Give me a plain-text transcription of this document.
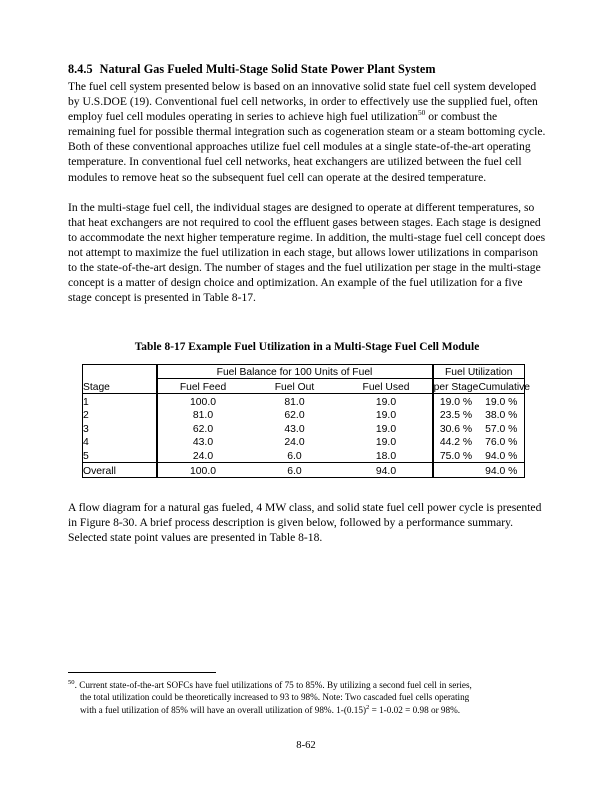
8.4.5 Natural Gas Fueled Multi-Stage Solid State Power Plant System

The fuel cell system presented below is based on an innovative solid state fuel cell system developed by U.S.DOE (19). Conventional fuel cell networks, in order to effectively use the supplied fuel, often employ fuel cell modules operating in series to achieve high fuel utilization$^{50}$ or combust the remaining fuel for possible thermal integration such as cogeneration steam or a steam bottoming cycle. Both of these conventional approaches utilize fuel cell modules at a single state-of-the-art operating temperature. In conventional fuel cell networks, heat exchangers are utilized between the fuel cell modules to remove heat so the subsequent fuel cell can operate at the desired temperature.

In the multi-stage fuel cell, the individual stages are designed to operate at different temperatures, so that heat exchangers are not required to cool the effluent gases between stages. Each stage is designed to accommodate the next higher temperature regime. In addition, the multi-stage fuel cell concept does not attempt to maximize the fuel utilization in each stage, but allows lower utilizations in comparison to the state-of-the-art design. The number of stages and the fuel utilization per stage in the multi-stage concept is a matter of design choice and optimization. An example of the fuel utilization for a five stage concept is presented in Table 8-17.

Table 8-17 Example Fuel Utilization in a Multi-Stage Fuel Cell Module

	Fuel Balance for 100 Units of Fuel			Fuel Utilization	
Stage	Fuel Feed	Fuel Out	Fuel Used	per Stage	Cumulative
1	100.0	81.0	19.0	19.0 %	19.0 %
2	81.0	62.0	19.0	23.5 %	38.0 %
3	62.0	43.0	19.0	30.6 %	57.0 %
4	43.0	24.0	19.0	44.2 %	76.0 %
5	24.0	6.0	18.0	75.0 %	94.0 %
Overall	100.0	6.0	94.0		94.0 %

A flow diagram for a natural gas fueled, 4 MW class, and solid state fuel cell power cycle is presented in Figure 8-30. A brief process description is given below, followed by a performance summary. Selected state point values are presented in Table 8-18.

$^{50}$. Current state-of-the-art SOFCs have fuel utilizations of 75 to 85%. By utilizing a second fuel cell in series,
the total utilization could be theoretically increased to 93 to 98%. Note: Two cascaded fuel cells operating
with a fuel utilization of 85% will have an overall utilization of 98%. $1-(0.15)^2 = 1-0.02 = 0.98$ or 98%.
8-62
